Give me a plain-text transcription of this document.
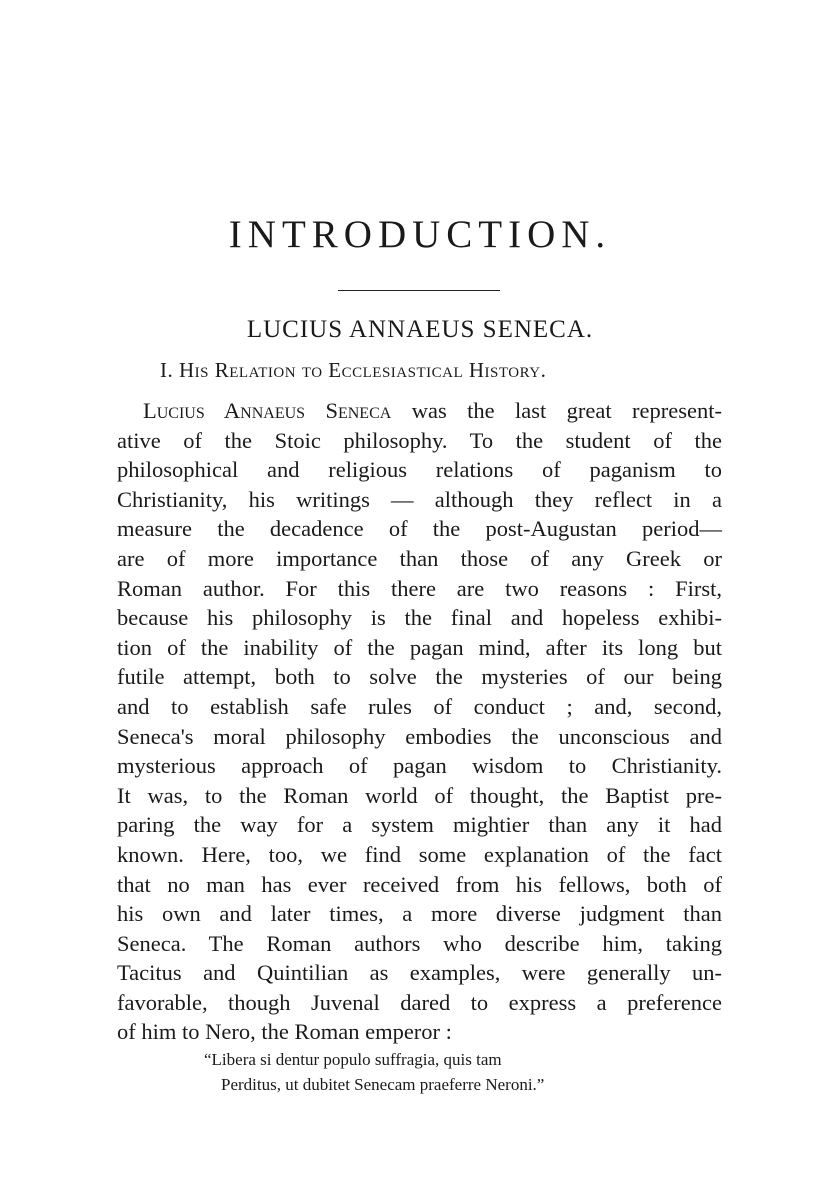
INTRODUCTION.
LUCIUS ANNAEUS SENECA.
I. His Relation to Ecclesiastical History.
Lucius Annaeus Seneca was the last great represent-
ative of the Stoic philosophy. To the student of the
philosophical and religious relations of paganism to
Christianity, his writings — although they reflect in a
measure the decadence of the post-Augustan period—
are of more importance than those of any Greek or
Roman author. For this there are two reasons : First,
because his philosophy is the final and hopeless exhibi-
tion of the inability of the pagan mind, after its long but
futile attempt, both to solve the mysteries of our being
and to establish safe rules of conduct ; and, second,
Seneca's moral philosophy embodies the unconscious and
mysterious approach of pagan wisdom to Christianity.
It was, to the Roman world of thought, the Baptist pre-
paring the way for a system mightier than any it had
known. Here, too, we find some explanation of the fact
that no man has ever received from his fellows, both of
his own and later times, a more diverse judgment than
Seneca. The Roman authors who describe him, taking
Tacitus and Quintilian as examples, were generally un-
favorable, though Juvenal dared to express a preference
of him to Nero, the Roman emperor :
“Libera si dentur populo suffragia, quis tam
Perditus, ut dubitet Senecam praeferre Neroni.”
